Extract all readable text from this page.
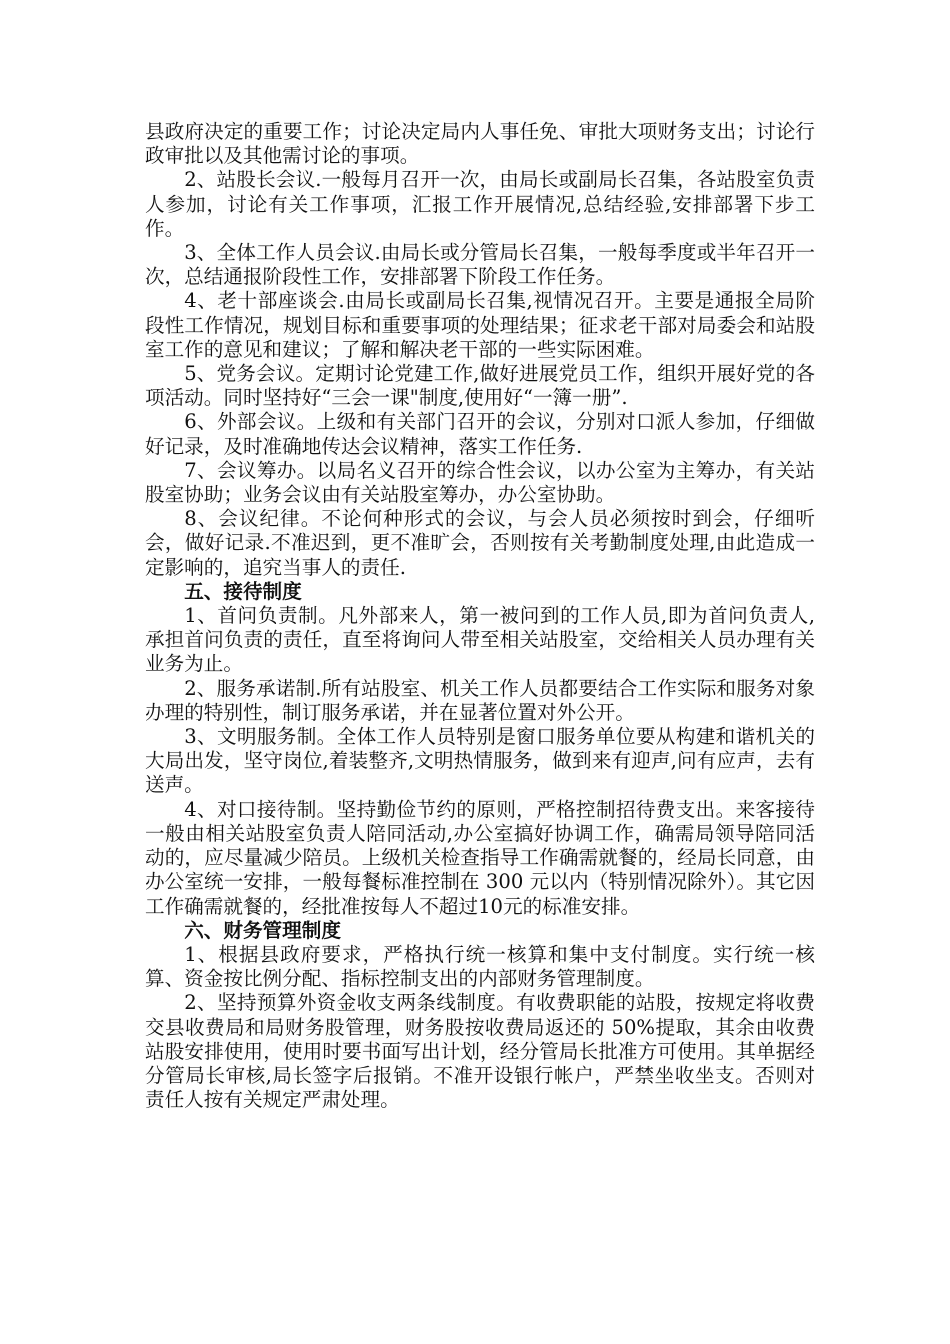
县政府决定的重要工作；讨论决定局内人事任免、审批大项财务支出；讨论行政审批以及其他需讨论的事项。

2、站股长会议.一般每月召开一次，由局长或副局长召集，各站股室负责人参加，讨论有关工作事项，汇报工作开展情况,总结经验,安排部署下步工作。

3、全体工作人员会议.由局长或分管局长召集，一般每季度或半年召开一次，总结通报阶段性工作，安排部署下阶段工作任务。

4、老十部座谈会.由局长或副局长召集,视情况召开。主要是通报全局阶段性工作情况，规划目标和重要事项的处理结果；征求老干部对局委会和站股室工作的意见和建议；了解和解决老干部的一些实际困难。

5、党务会议。定期讨论党建工作,做好进展党员工作，组织开展好党的各项活动。同时坚持好“三会一课"制度,使用好“一簿一册”.

6、外部会议。上级和有关部门召开的会议，分别对口派人参加，仔细做好记录，及时准确地传达会议精神，落实工作任务.

7、会议筹办。以局名义召开的综合性会议，以办公室为主筹办，有关站股室协助；业务会议由有关站股室筹办，办公室协助。

8、会议纪律。不论何种形式的会议，与会人员必须按时到会，仔细听会，做好记录.不准迟到，更不准旷会，否则按有关考勤制度处理,由此造成一定影响的，追究当事人的责任.

五、接待制度

1、首问负责制。凡外部来人，第一被问到的工作人员,即为首问负责人,承担首问负责的责任，直至将询问人带至相关站股室，交给相关人员办理有关业务为止。

2、服务承诺制.所有站股室、机关工作人员都要结合工作实际和服务对象办理的特别性，制订服务承诺，并在显著位置对外公开。

3、文明服务制。全体工作人员特别是窗口服务单位要从构建和谐机关的大局出发，坚守岗位,着装整齐,文明热情服务，做到来有迎声,问有应声，去有送声。

4、对口接待制。坚持勤俭节约的原则，严格控制招待费支出。来客接待一般由相关站股室负责人陪同活动,办公室搞好协调工作，确需局领导陪同活动的，应尽量减少陪员。上级机关检查指导工作确需就餐的，经局长同意，由办公室统一安排，一般每餐标准控制在 300 元以内（特别情况除外）。其它因工作确需就餐的，经批准按每人不超过10元的标准安排。

六、财务管理制度

1、根据县政府要求，严格执行统一核算和集中支付制度。实行统一核算、资金按比例分配、指标控制支出的内部财务管理制度。

2、坚持预算外资金收支两条线制度。有收费职能的站股，按规定将收费交县收费局和局财务股管理，财务股按收费局返还的 50%提取，其余由收费站股安排使用，使用时要书面写出计划，经分管局长批准方可使用。其单据经分管局长审核,局长签字后报销。不准开设银行帐户，严禁坐收坐支。否则对责任人按有关规定严肃处理。
